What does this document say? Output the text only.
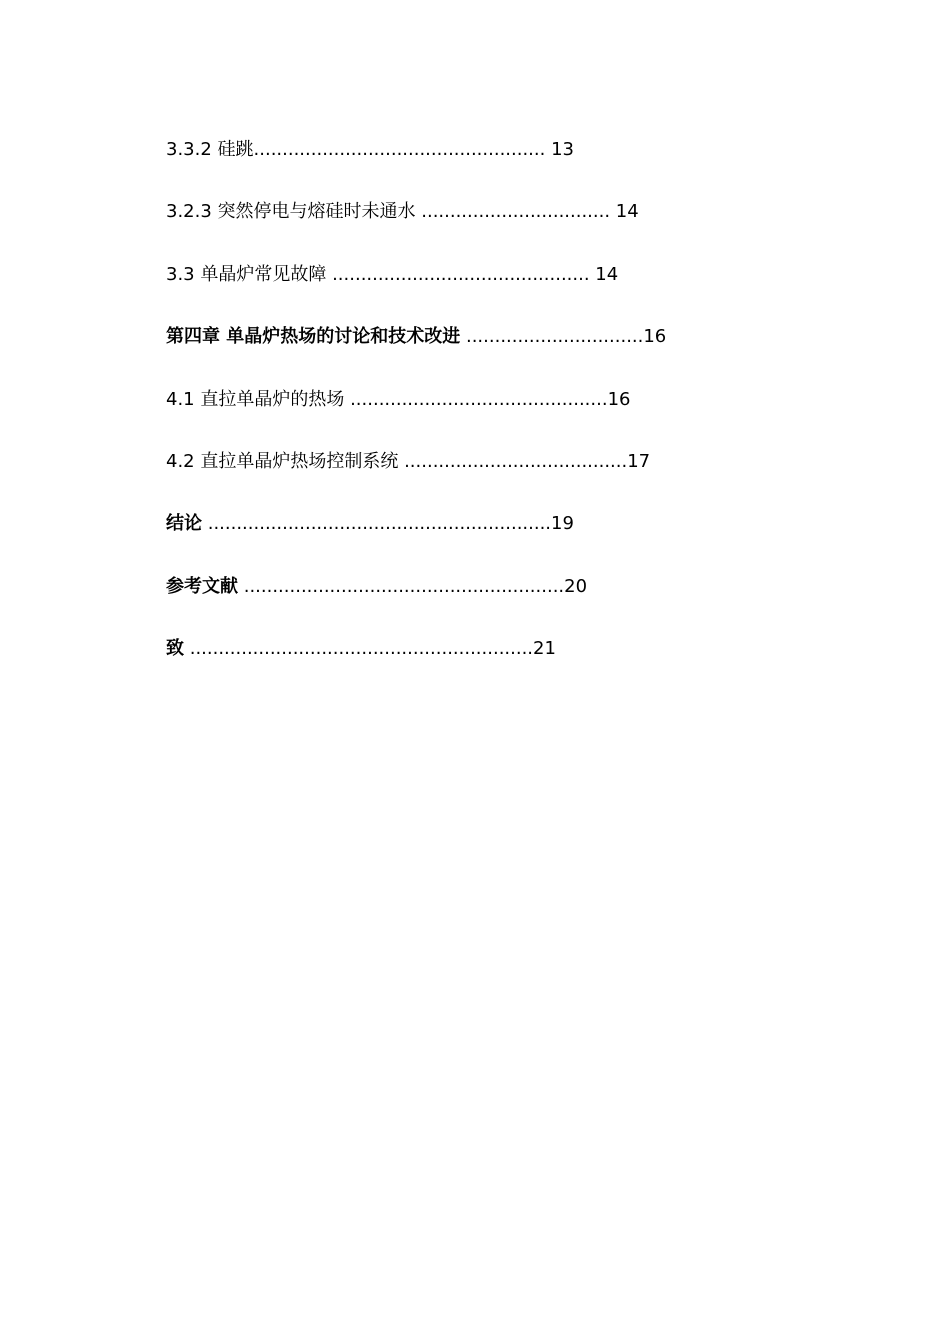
3.3.2 硅跳................................................... 13
3.2.3 突然停电与熔硅时未通水 ................................. 14
3.3 单晶炉常见故障 ............................................. 14
第四章 单晶炉热场的讨论和技术改进 ...............................16
4.1 直拉单晶炉的热场 .............................................16
4.2 直拉单晶炉热场控制系统 .......................................17
结论 ............................................................19
参考文献 ........................................................20
致 ............................................................21
